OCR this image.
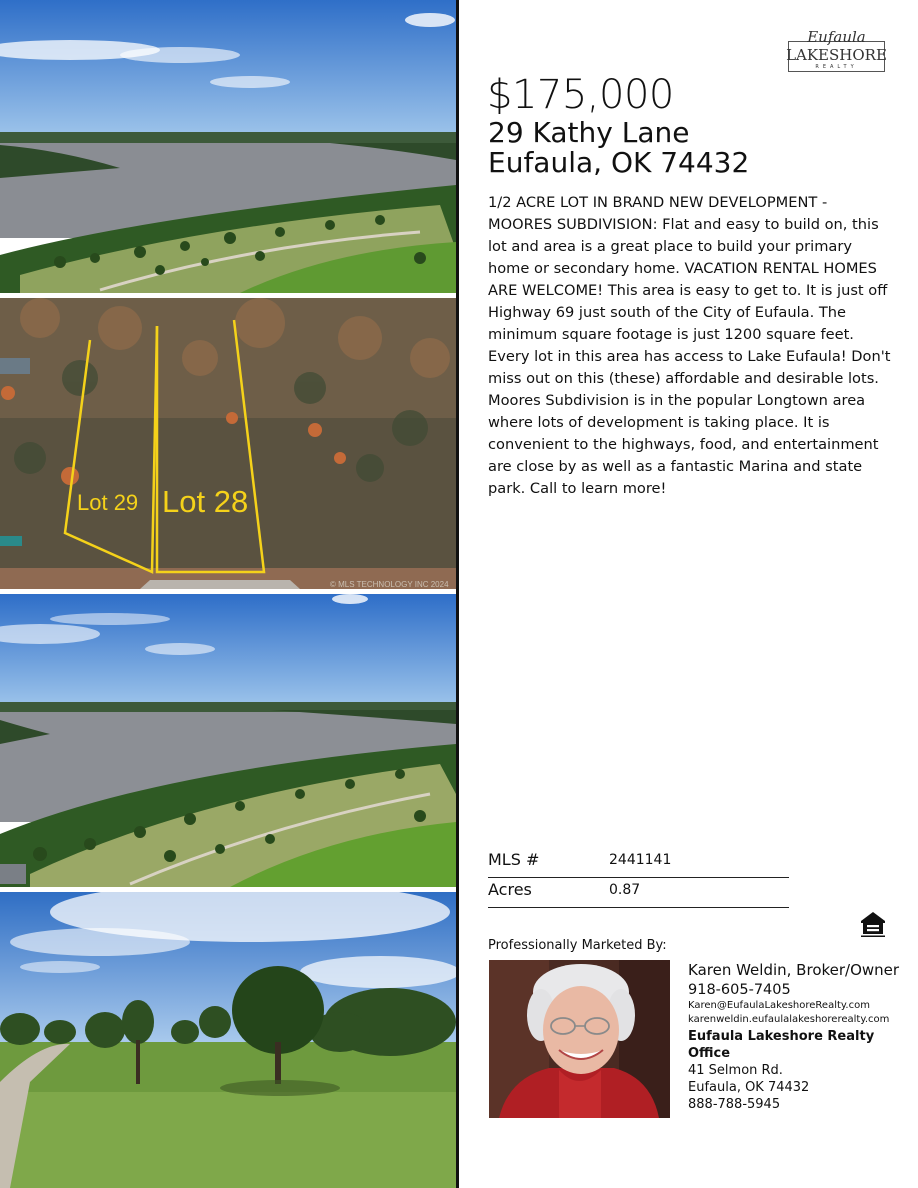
Lot 29 Lot 28
© MLS TECHNOLOGY INC 2024
Eufaula
LAKESHORE
REALTY
$175,000
29 Kathy Lane
Eufaula, OK 74432
1/2 ACRE LOT IN BRAND NEW DEVELOPMENT - MOORES SUBDIVISION: Flat and easy to build on, this lot and area is a great place to build your primary home or secondary home. VACATION RENTAL HOMES ARE WELCOME! This area is easy to get to. It is just off Highway 69 just south of the City of Eufaula. The minimum square footage is just 1200 square feet. Every lot in this area has access to Lake Eufaula! Don't miss out on this (these) affordable and desirable lots. Moores Subdivision is in the popular Longtown area where lots of development is taking place. It is convenient to the highways, food, and entertainment are close by as well as a fantastic Marina and state park. Call to learn more!
MLS #	2441141
Acres	0.87
Professionally Marketed By:
Karen Weldin, Broker/Owner
918-605-7405
Karen@EufaulaLakeshoreRealty.com
karenweldin.eufaulalakeshorerealty.com
Eufaula Lakeshore Realty Office
41 Selmon Rd.
Eufaula, OK 74432
888-788-5945
